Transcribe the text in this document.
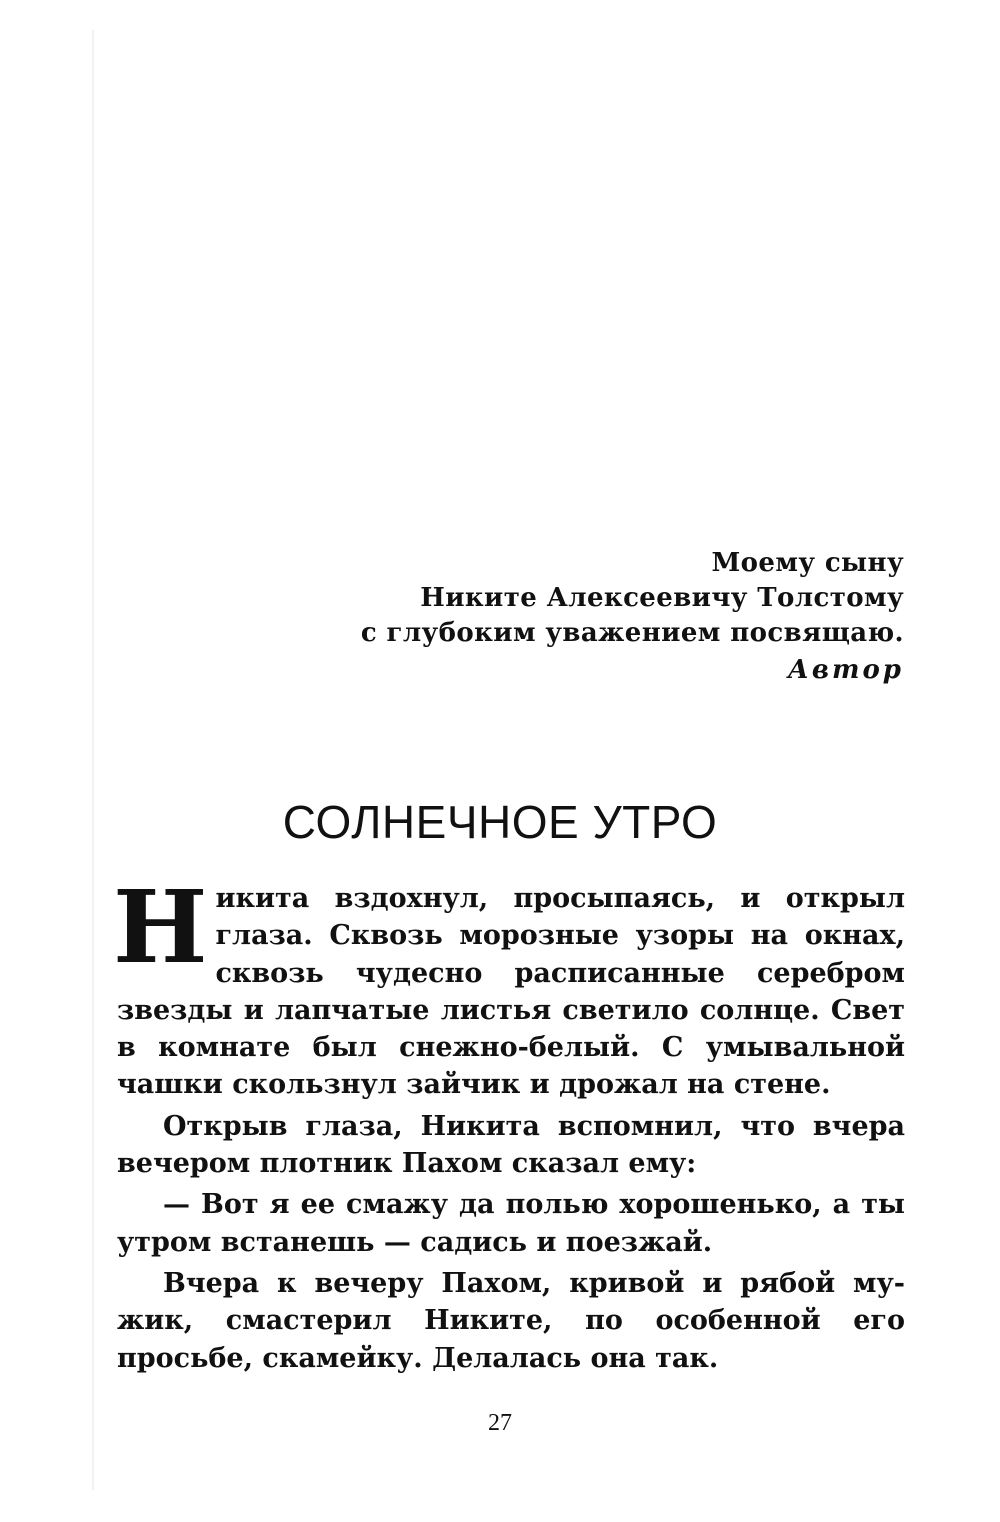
Моему сыну
Никите Алексеевичу Толстому
с глубоким уважением посвящаю.
Автор
СОЛНЕЧНОЕ УТРО

Никита вздохнул, просыпаясь, и открыл глаза. Сквозь морозные узоры на окнах, сквозь чудесно расписанные серебром звезды и лапчатые листья светило солнце. Свет в комнате был снежно-белый. С умывальной чашки скользнул зайчик и дрожал на стене.

Открыв глаза, Никита вспомнил, что вчера вечером плотник Пахом сказал ему:

— Вот я ее смажу да полью хорошенько, а ты утром встанешь — садись и поезжай.

Вчера к вечеру Пахом, кривой и рябой мужик, смастерил Никите, по особенной его просьбе, скамейку. Делалась она так.

27
